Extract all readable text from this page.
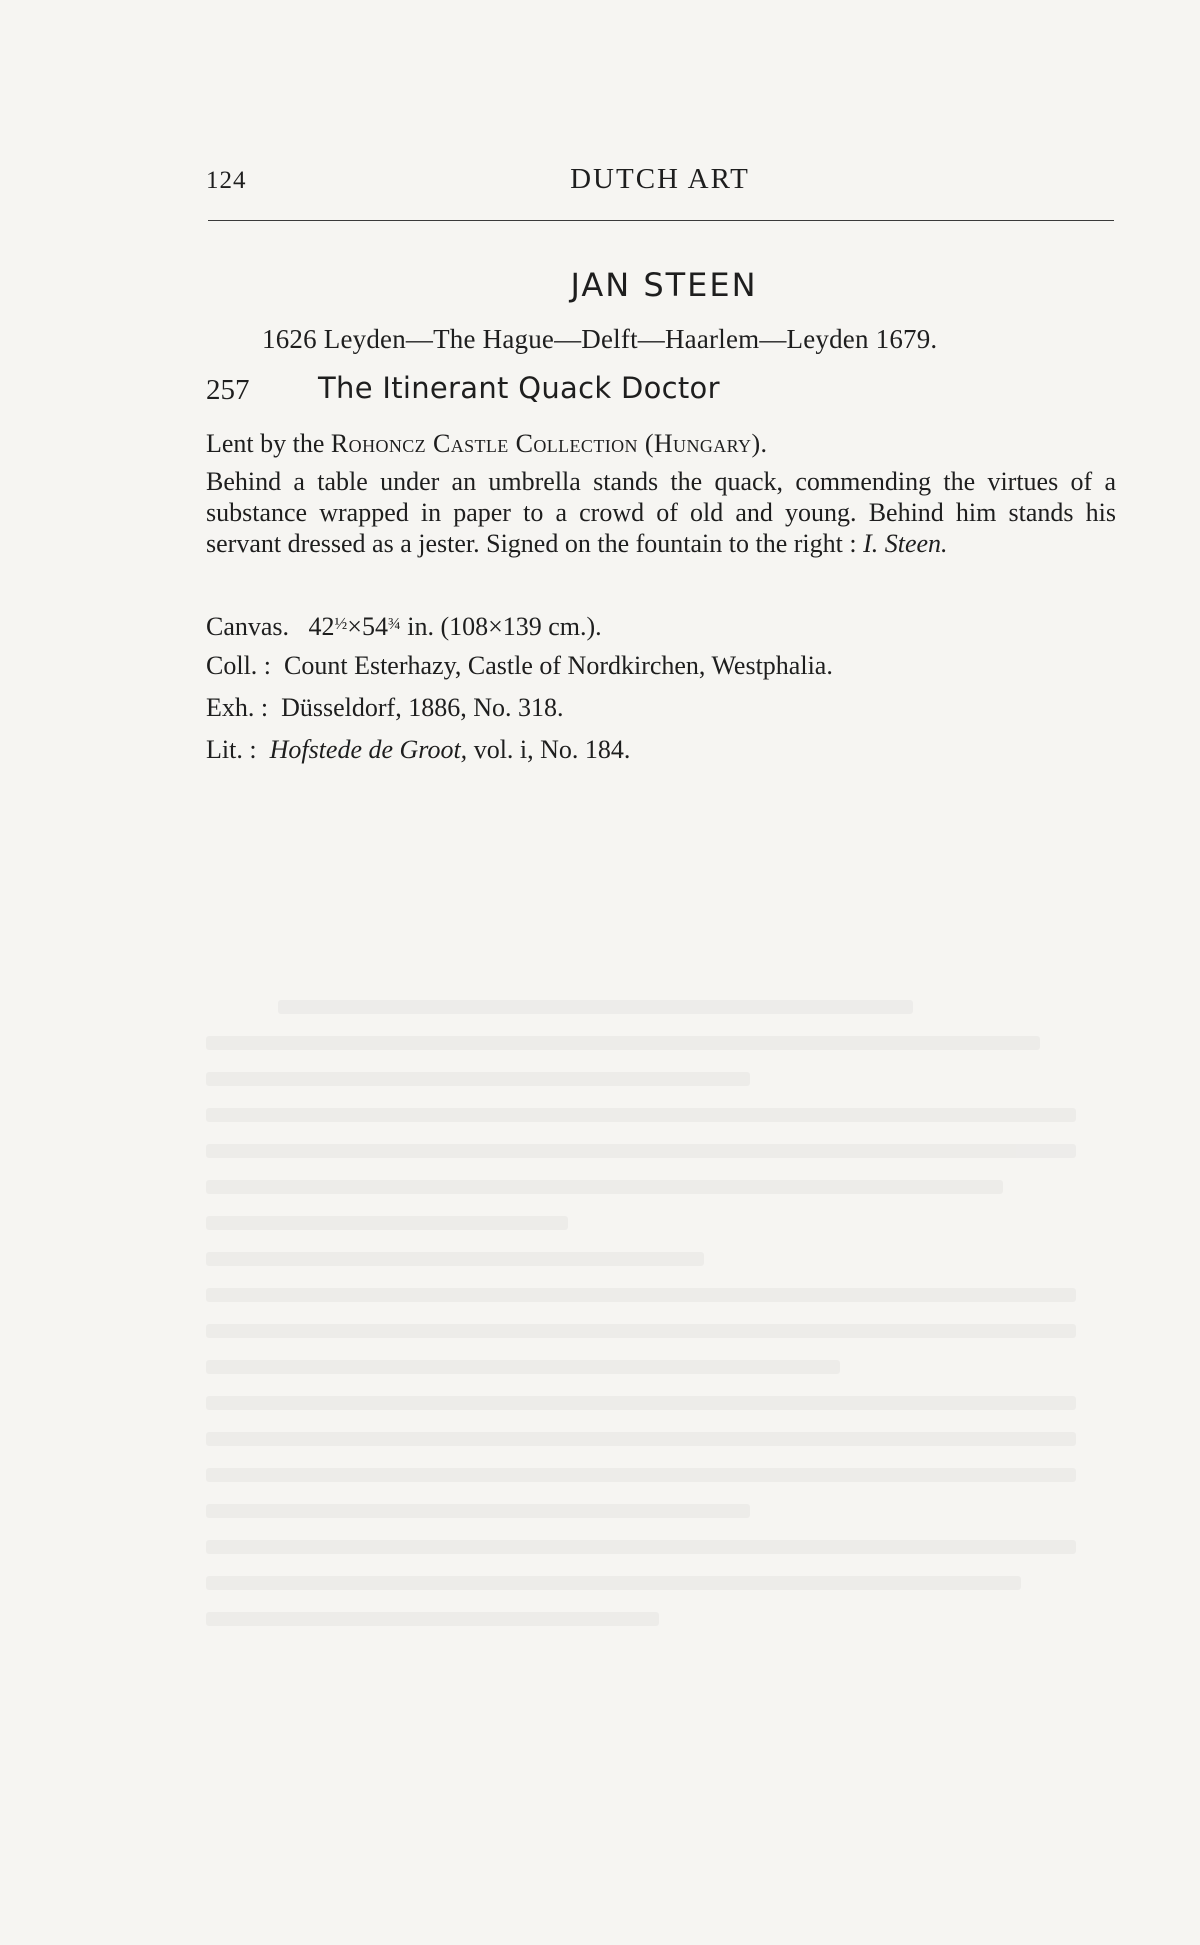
124	DUTCH ART
JAN STEEN
1626 Leyden—The Hague—Delft—Haarlem—Leyden 1679.
257 The Itinerant Quack Doctor
Lent by the Rohoncz Castle Collection (Hungary).
Behind a table under an umbrella stands the quack, commending the virtues of a substance wrapped in paper to a crowd of old and young. Behind him stands his servant dressed as a jester. Signed on the fountain to the right : I. Steen.
Canvas. $42^{\frac{1}{2}}\times 54^{\frac{3}{4}}$ in. (108×139 cm.).
Coll. : Count Esterhazy, Castle of Nordkirchen, Westphalia.
Exh. : Düsseldorf, 1886, No. 318.
Lit. : Hofstede de Groot, vol. i, No. 184.
